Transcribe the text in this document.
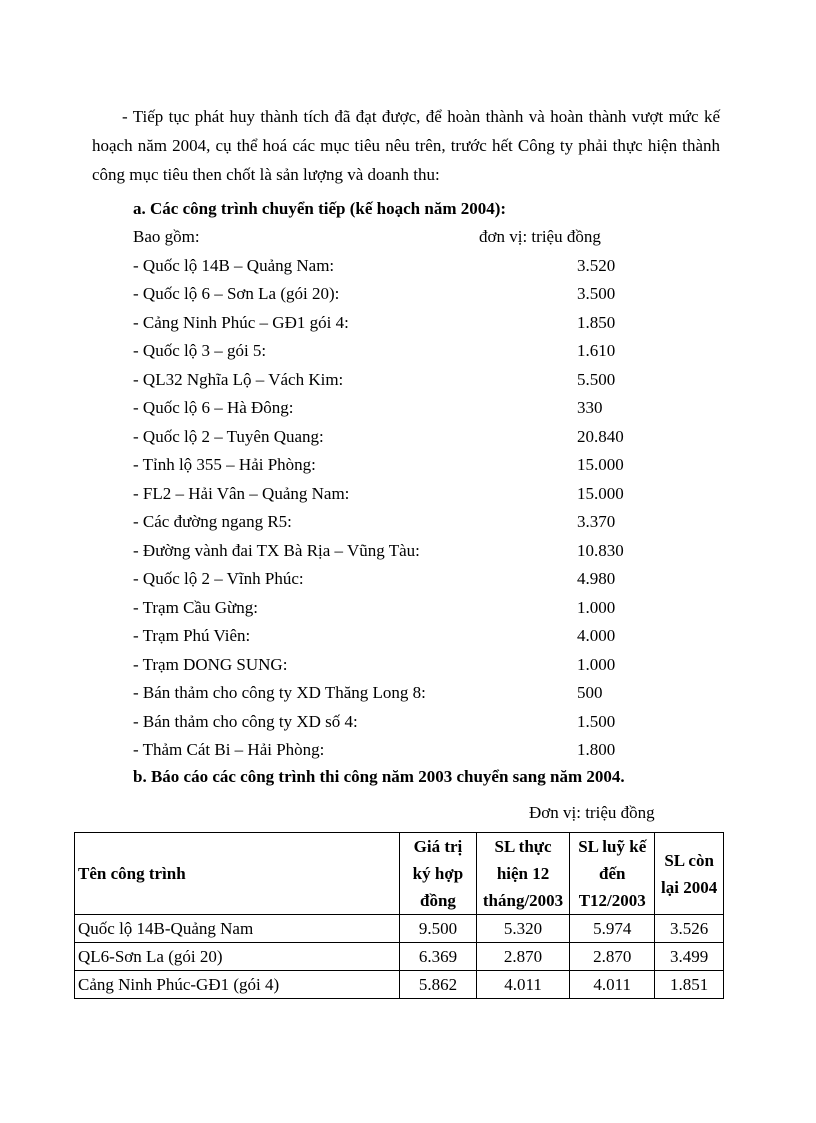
- Tiếp tục phát huy thành tích đã đạt được, để hoàn thành và hoàn thành vượt mức kế hoạch năm 2004, cụ thể hoá các mục tiêu nêu trên, trước hết Công ty phải thực hiện thành công mục tiêu then chốt là sản lượng và doanh thu:

a. Các công trình chuyển tiếp (kế hoạch năm 2004):

Bao gồm:	đơn vị: triệu đồng
- Quốc lộ 14B – Quảng Nam:	3.520
- Quốc lộ 6 – Sơn La (gói 20):	3.500
- Cảng Ninh Phúc – GĐ1 gói 4:	1.850
- Quốc lộ 3 – gói 5:	1.610
- QL32 Nghĩa Lộ – Vách Kim:	5.500
- Quốc lộ 6 – Hà Đông:	330
- Quốc lộ 2 – Tuyên Quang:	20.840
- Tỉnh lộ 355 – Hải Phòng:	15.000
- FL2 – Hải Vân – Quảng Nam:	15.000
- Các đường ngang R5:	3.370
- Đường vành đai TX Bà Rịa – Vũng Tàu:	10.830
- Quốc lộ 2 – Vĩnh Phúc:	4.980
- Trạm Cầu Gừng:	1.000
- Trạm Phú Viên:	4.000
- Trạm DONG SUNG:	1.000
- Bán thảm cho công ty XD Thăng Long 8:	500
- Bán thảm cho công ty XD số 4:	1.500
- Thảm Cát Bi – Hải Phòng:	1.800

b. Báo cáo các công trình thi công năm 2003 chuyển sang năm 2004.

Đơn vị: triệu đồng

Tên công trình	Giá trị ký hợp đồng	SL thực hiện 12 tháng/2003	SL luỹ kế đến T12/2003	SL còn lại 2004
Quốc lộ 14B-Quảng Nam	9.500	5.320	5.974	3.526
QL6-Sơn La (gói 20)	6.369	2.870	2.870	3.499
Cảng Ninh Phúc-GĐ1 (gói 4)	5.862	4.011	4.011	1.851
